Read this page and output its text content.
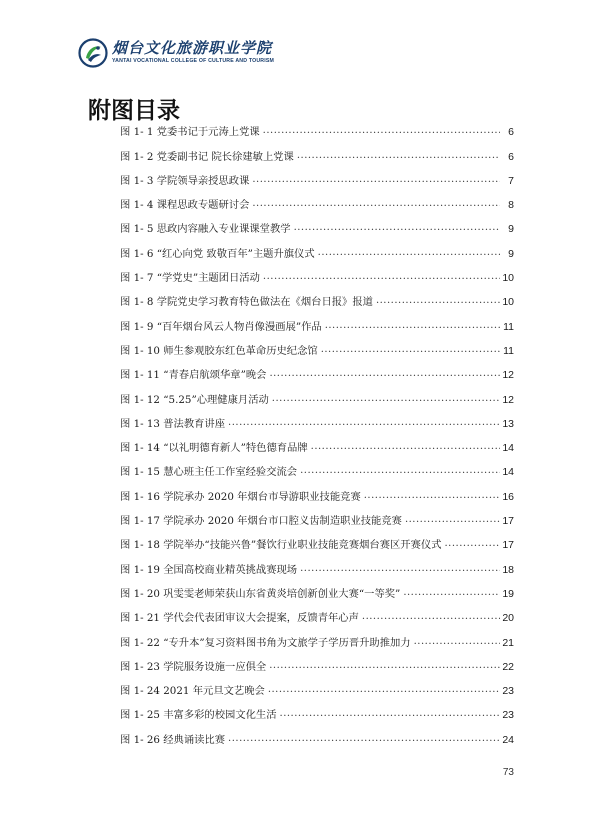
烟台文化旅游职业学院
YANTAI VOCATIONAL COLLEGE OF CULTURE AND TOURISM
附图目录
图 1- 1 党委书记于元涛上党课 .....	6
图 1- 2 党委副书记 院长徐建敏上党课 .....	6
图 1- 3 学院领导亲授思政课 .....	7
图 1- 4 课程思政专题研讨会 .....	8
图 1- 5 思政内容融入专业课课堂教学 .....	9
图 1- 6 “红心向党 致敬百年”主题升旗仪式 .....	9
图 1- 7 “学党史”主题团日活动 .....	10
图 1- 8 学院党史学习教育特色做法在《烟台日报》报道 .....	10
图 1- 9 “百年烟台风云人物肖像漫画展”作品 .....	11
图 1- 10 师生参观胶东红色革命历史纪念馆 .....	11
图 1- 11 “青春启航颂华章”晚会 .....	12
图 1- 12 “5.25”心理健康月活动 .....	12
图 1- 13 普法教育讲座 .....	13
图 1- 14 “以礼明德育新人”特色德育品牌 .....	14
图 1- 15 慧心班主任工作室经验交流会 .....	14
图 1- 16 学院承办 2020 年烟台市导游职业技能竞赛 .....	16
图 1- 17 学院承办 2020 年烟台市口腔义齿制造职业技能竞赛 .....	17
图 1- 18 学院举办“技能兴鲁”餐饮行业职业技能竞赛烟台赛区开赛仪式 .....	17
图 1- 19 全国高校商业精英挑战赛现场 .....	18
图 1- 20 巩雯雯老师荣获山东省黄炎培创新创业大赛“一等奖” .....	19
图 1- 21 学代会代表团审议大会提案，反馈青年心声 .....	20
图 1- 22 “专升本”复习资料图书角为文旅学子学历晋升助推加力 .....	21
图 1- 23 学院服务设施一应俱全 .....	22
图 1- 24 2021 年元旦文艺晚会 .....	23
图 1- 25 丰富多彩的校园文化生活 .....	23
图 1- 26 经典诵读比赛 .....	24
73
